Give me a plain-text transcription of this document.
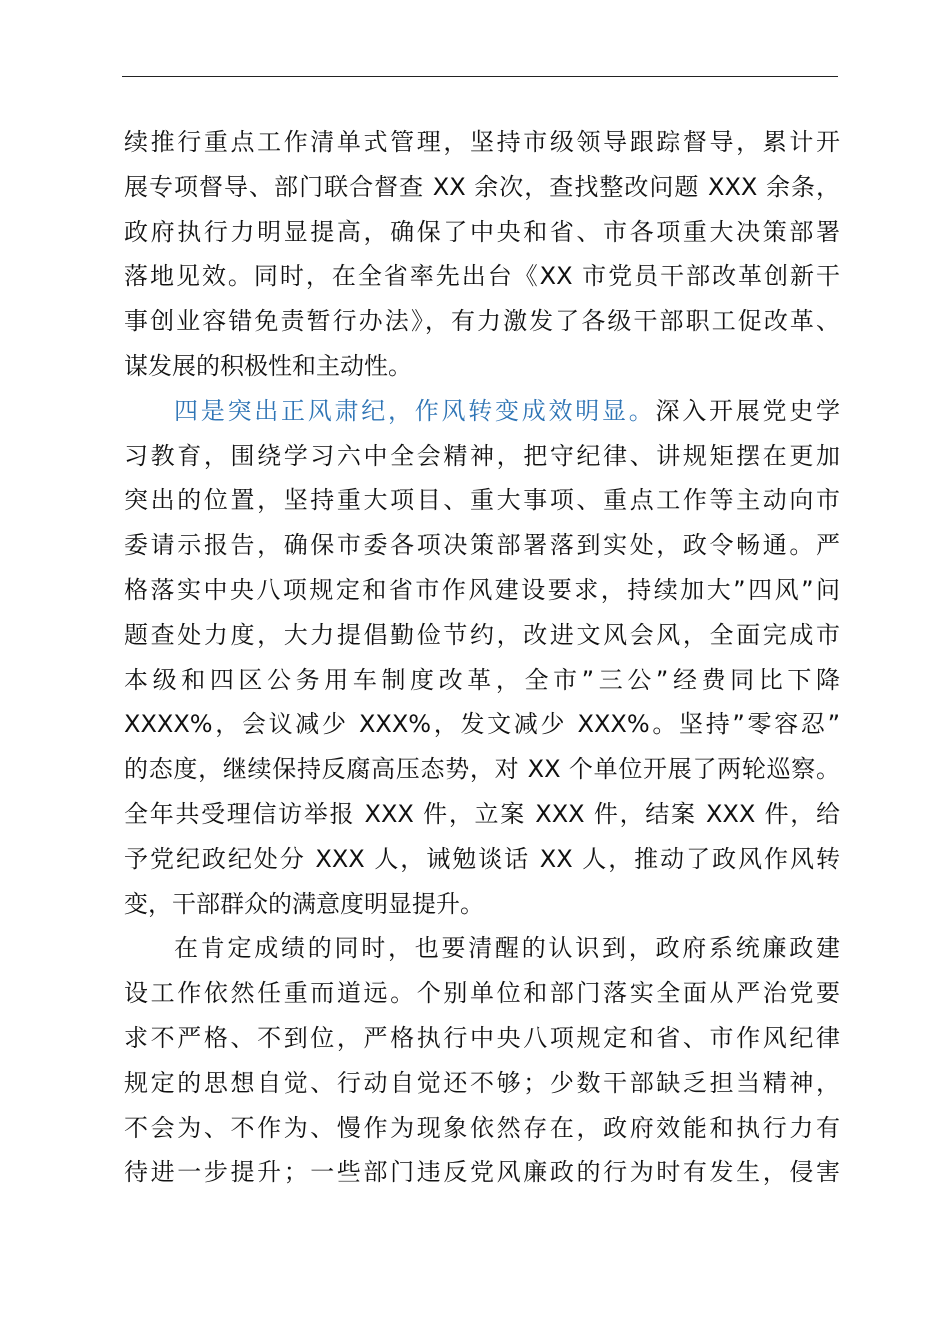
续推行重点工作清单式管理，坚持市级领导跟踪督导，累计开
展专项督导、部门联合督查 XX 余次，查找整改问题 XXX 余条，
政府执行力明显提高，确保了中央和省、市各项重大决策部署
落地见效。同时，在全省率先出台《XX 市党员干部改革创新干
事创业容错免责暂行办法》，有力激发了各级干部职工促改革、
谋发展的积极性和主动性。
四是突出正风肃纪，作风转变成效明显。深入开展党史学
习教育，围绕学习六中全会精神，把守纪律、讲规矩摆在更加
突出的位置，坚持重大项目、重大事项、重点工作等主动向市
委请示报告，确保市委各项决策部署落到实处，政令畅通。严
格落实中央八项规定和省市作风建设要求，持续加大”四风”问
题查处力度，大力提倡勤俭节约，改进文风会风，全面完成市
本级和四区公务用车制度改革，全市”三公”经费同比下降
XXXX%，会议减少 XXX%，发文减少 XXX%。坚持”零容忍”
的态度，继续保持反腐高压态势，对 XX 个单位开展了两轮巡察。
全年共受理信访举报 XXX 件，立案 XXX 件，结案 XXX 件，给
予党纪政纪处分 XXX 人，诫勉谈话 XX 人，推动了政风作风转
变，干部群众的满意度明显提升。
在肯定成绩的同时，也要清醒的认识到，政府系统廉政建
设工作依然任重而道远。个别单位和部门落实全面从严治党要
求不严格、不到位，严格执行中央八项规定和省、市作风纪律
规定的思想自觉、行动自觉还不够；少数干部缺乏担当精神，
不会为、不作为、慢作为现象依然存在，政府效能和执行力有
待进一步提升；一些部门违反党风廉政的行为时有发生，侵害
